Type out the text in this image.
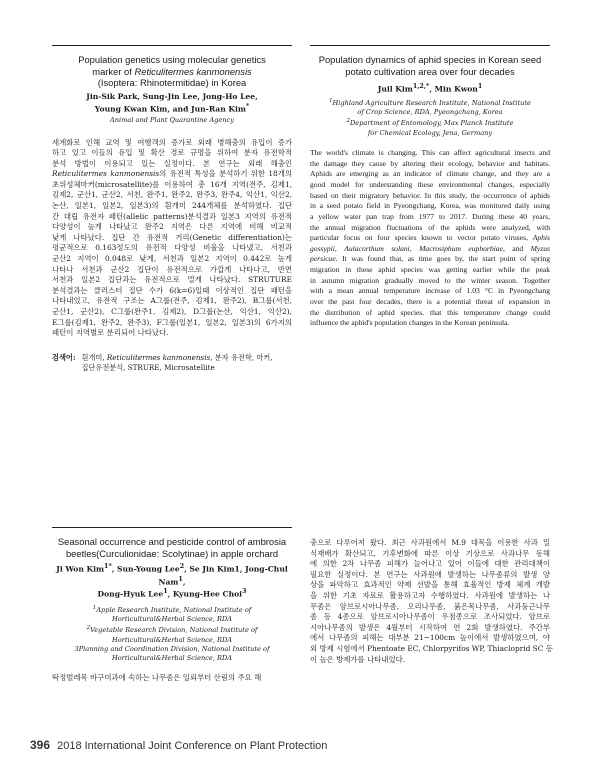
Population genetics using molecular genetics
marker of Reticulitermes kanmonensis
(Isoptera: Rhinotermitidae) in Korea

Jin-Sik Park, Sung-Jin Lee, Jong-Ho Lee,
Young Kwan Kim, and Jun-Ran Kim*

Animal and Plant Quarantine Agency

세계화로 인해 교역 및 여행객의 증가로 외래 병해충의 유입이 증가
하고 있고 이들의 유입 및 확산 경로 규명을 위하여 분자 유전학적
분석 방법이 이용되고 있는 실정이다. 본 연구는 외래 해충인
Reticulitermes kanmonensis의 유전적 특성을 분석하기 위한 18개의
초위성체마커(microsatellite)를 이용하여 총 16개 지역(전주, 김제1,
김제2, 군산1, 군산2, 서천, 완주1, 완주2, 완주3, 완주4, 익산1, 익산2,
논산, 일본1, 일본2, 일본3)의 흰개미 244개체를 분석하였다. 집단
간 대립 유전자 패턴(allelic patterns)분석결과 일본3 지역의 유전적
다양성이 높게 나타났고 완주2 지역은 다른 지역에 비해 비교적
낮게 나타났다. 집단 간 유전적 거리(Genetic differentiation)는
평균적으로 0.163정도의 유전적 다양성 비율을 나타냈고, 서천과
군산2 지역이 0.048로 낮게, 서천과 일본2 지역이 0.442로 높게
나타나 서천과 군산2 집단이 유전적으로 가깝게 나타나고, 반면
서천과 일본2 집단과는 유전적으로 멀게 나타났다. STRUTURE
분석결과는 클러스터 집단 수가 6(k=6)일때 이상적인 집단 패턴을
나타내었고, 유전적 구조는 A그룹(전주, 김제1, 완주2), B그룹(서천,
군산1, 군산2), C그룹(완주1, 김제2), D그룹(논산, 익산1, 익산2),
E그룹(김제1, 완주2, 완주3), F그룹(일본1, 일본2, 일본3)의 6가지의
패턴이 지역별로 분리되어 나타났다.
검색어: 흰개미, Reticulitermes kanmonensis, 분자 유전학, 마커,
집단유전분석, STRURE, Microsatellite

Population dynamics of aphid species in Korean seed
potato cultivation area over four decades

Juil Kim$^{1,2,*}$, Min Kwon$^1$

$^1$Highland Agriculture Research Institute, National Institute
of Crop Science, RDA, Pyeongchang, Korea
$^2$Department of Entomology, Max Planck Institute
for Chemical Ecology, Jena, Germany

The world's climate is changing. This can affect agricultural insects and
the damage they cause by altering their ecology, behavior and habitats.
Aphids are emerging as an indicator of climate change, and they are a
good model for understanding these environmental changes, especially
based on their migratory behavior. In this study, the occurrence of aphids
in a seed potato field in Pyeongchang, Korea, was monitored daily using
a yellow water pan trap from 1977 to 2017. During these 40 years,
the annual migration fluctuations of the aphids were analyzed, with
particular focus on four species known to vector potato viruses, Aphis
gossypii, Aulacorthum solani, Macrosiphum euphorbiae, and Myzus
persicae. It was found that, as time goes by, the start point of spring
migration in these aphid species was getting earlier while the peak
in autumn migration gradually moved to the winter season. Together
with a mean annual temperature increase of 1.03 °C in Pyeongchang
over the past four decades, there is a potential threat of expansion in
the distribution of aphid species. that this temperature change could
influence the aphid's population changes in the Korean peninsula.

Seasonal occurrence and pesticide control of ambrosia
beetles(Curculionidae: Scolytinae) in apple orchard

Ji Won Kim$^{1*}$, Sun-Young Lee$^2$, Se Jin Kim1, Jong-Chul Nam$^1$,
Dong-Hyuk Lee$^1$, Kyung-Hee Choi$^3$

$^1$Apple Research Institute, National Institute of
Horticultural&Herbal Science, RDA
$^2$Vegetable Research Division, National Institute of
Horticultural&Herbal Science, RDA
3Planning and Coordination Division, National Institute of
Horticultural&Herbal Science, RDA

딱정벌레목 바구미과에 속하는 나무좀은 일뢰부터 산림의 주요 해

충으로 다루어져 왔다. 최근 사과원에서 M.9 대목을 이용한 사과 밀
식재배가 확산되고, 기후변화에 따른 이상 기상으로 사과나무 동해
에 의한 2차 나무좀 피해가 늘어나고 있어 이들에 대한 관리대책이
필요한 실정이다. 본 연구는 사과원에 발생하는 나무좀류의 발생 양
상을 파악하고 효과적인 약제 선발을 통해 효율적인 방제 체계 개발
을 위한 기초 자료로 활용하고자 수행하였다. 사과원에 발생하는 나
무좀은 암브로시아나무좀, 오리나무좀, 붉은목나무좀, 사과둥근나무
좀 등 4종으로 암브로시아나무좀이 우점종으로 조사되었다. 암브로
시아나무좀의 발생은 4월부터 시작하여 연 2회 발생하였다. 주간부
에서 나무좀의 피해는 대부분 21~100cm 높이에서 발생하였으며, 야
외 방제 시험에서 Phentoate EC, Chlorpyrifos WP, Thiacloprid SC 등
이 높은 방제가를 나타내었다.
396 2018 International Joint Conference on Plant Protection
